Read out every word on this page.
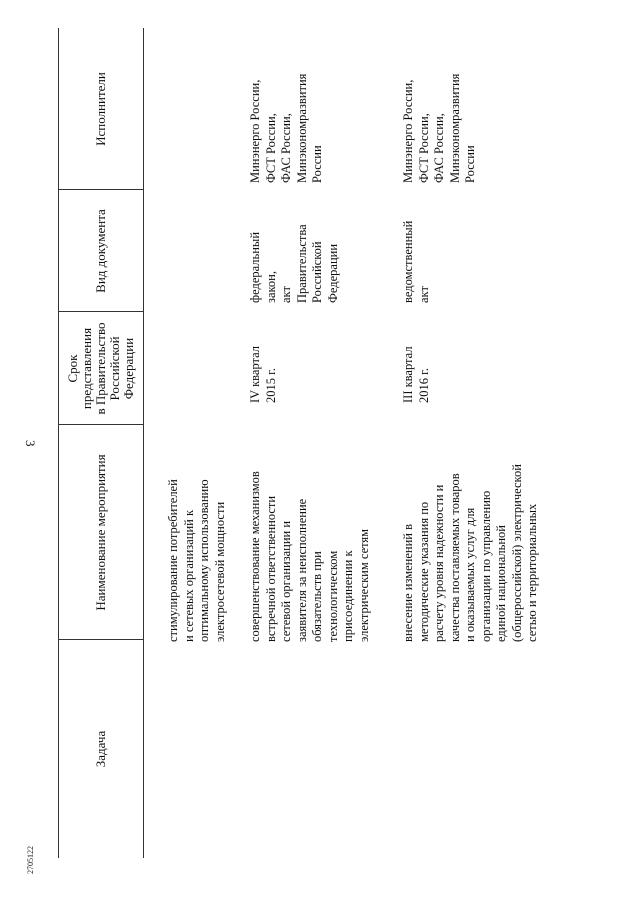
3
2705122
Задача
Наименование мероприятия
Срок
представления
в Правительство
Российской
Федерации
Вид документа
Исполнители
стимулирование потребителей
и сетевых организаций к
оптимальному использованию
электросетевой мощности
совершенствование механизмов
встречной ответственности
сетевой организации и
заявителя за неисполнение
обязательств при
технологическом
присоединении к
электрическим сетям
IV квартал
2015 г.
федеральный
закон,
акт
Правительства
Российской
Федерации
Минэнерго России,
ФСТ России,
ФАС России,
Минэкономразвития
России
внесение изменений в
методические указания по
расчету уровня надежности и
качества поставляемых товаров
и оказываемых услуг для
организации по управлению
единой национальной
(общероссийской) электрической
сетью и территориальных
III квартал
2016 г.
ведомственный
акт
Минэнерго России,
ФСТ России,
ФАС России,
Минэкономразвития
России
